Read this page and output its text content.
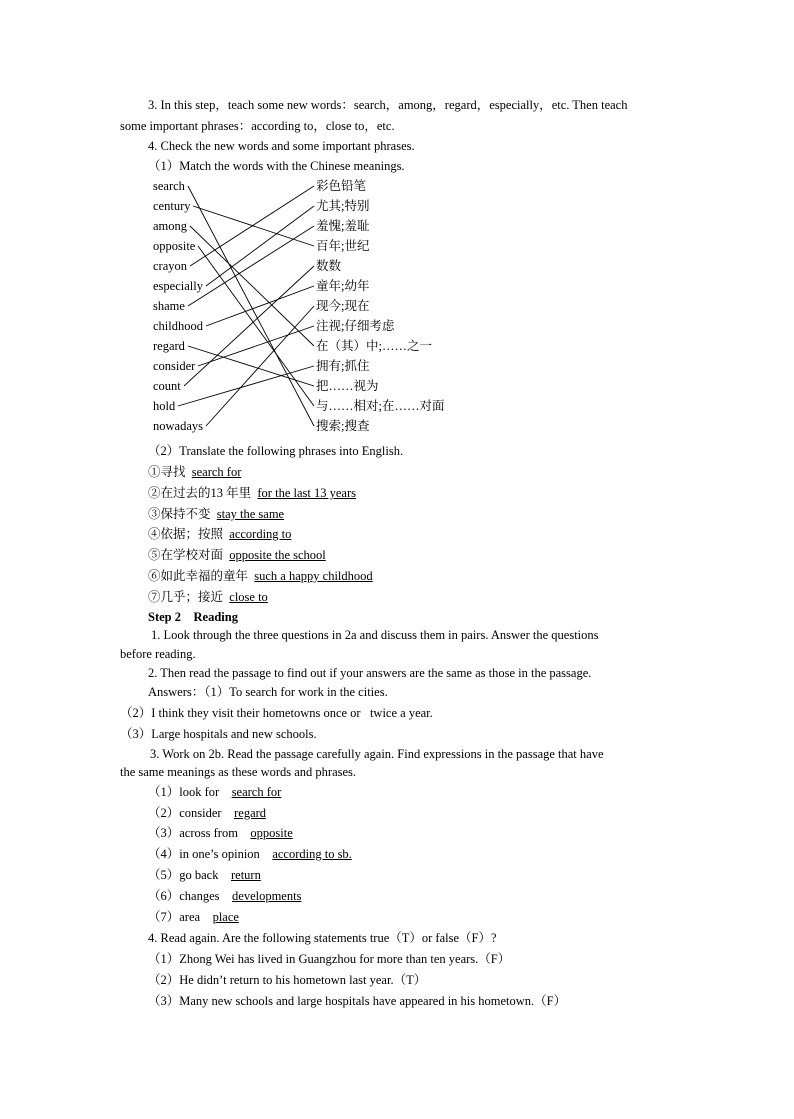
3. In this step，teach some new words：search，among，regard，especially，etc. Then teach
some important phrases：according to，close to，etc.
4. Check the new words and some important phrases.
（1）Match the words with the Chinese meanings.
search
century
among
opposite
crayon
especially
shame
childhood
regard
consider
count
hold
nowadays
彩色铅笔
尤其;特别
羞愧;羞耻
百年;世纪
数数
童年;幼年
现今;现在
注视;仔细考虑
在（其）中;……之一
拥有;抓住
把……视为
与……相对;在……对面
搜索;搜查
（2）Translate the following phrases into English.
①寻找 search for
②在过去的13 年里 for the last 13 years
③保持不变 stay the same
④依据；按照 according to
⑤在学校对面 opposite the school
⑥如此幸福的童年 such a happy childhood
⑦几乎；接近 close to
Step 2 Reading
1. Look through the three questions in 2a and discuss them in pairs. Answer the questions
before reading.
2. Then read the passage to find out if your answers are the same as those in the passage.
Answers：（1）To search for work in the cities.
（2）I think they visit their hometowns once or   twice a year.
（3）Large hospitals and new schools.
3. Work on 2b. Read the passage carefully again. Find expressions in the passage that have
the same meanings as these words and phrases.
（1）look for search for
（2）consider regard
（3）across from opposite
（4）in one’s opinion according to sb.
（5）go back return
（6）changes developments
（7）area place
4. Read again. Are the following statements true（T）or false（F）?
（1）Zhong Wei has lived in Guangzhou for more than ten years.（F）
（2）He didn’t return to his hometown last year.（T）
（3）Many new schools and large hospitals have appeared in his hometown.（F）
